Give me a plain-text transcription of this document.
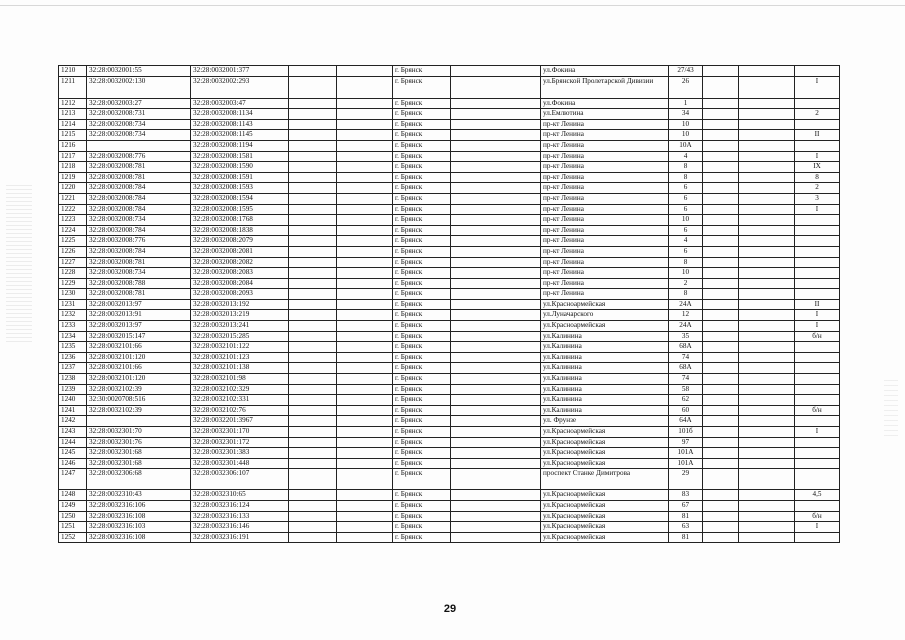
1210	32:28:0032001:55	32:28:0032001:377			г. Брянск		ул.Фокина	27/43			
1211	32:28:0032002:130	32:28:0032002:293			г. Брянск		ул.Брянской Пролетарской Дивизии	26			I
1212	32:28:0032003:27	32:28:0032003:47			г. Брянск		ул.Фокина	1			
1213	32:28:0032008:731	32:28:0032008:1134			г. Брянск		ул.Емлютина	34			2
1214	32:28:0032008:734	32:28:0032008:1143			г. Брянск		пр-кт Ленина	10			
1215	32:28:0032008:734	32:28:0032008:1145			г. Брянск		пр-кт Ленина	10			II
1216		32:28:0032008:1194			г. Брянск		пр-кт Ленина	10А			
1217	32:28:0032008:776	32:28:0032008:1581			г. Брянск		пр-кт Ленина	4			I
1218	32:28:0032008:781	32:28:0032008:1590			г. Брянск		пр-кт Ленина	8			IX
1219	32:28:0032008:781	32:28:0032008:1591			г. Брянск		пр-кт Ленина	8			8
1220	32:28:0032008:784	32:28:0032008:1593			г. Брянск		пр-кт Ленина	6			2
1221	32:28:0032008:784	32:28:0032008:1594			г. Брянск		пр-кт Ленина	6			3
1222	32:28:0032008:784	32:28:0032008:1595			г. Брянск		пр-кт Ленина	6			I
1223	32:28:0032008:734	32:28:0032008:1768			г. Брянск		пр-кт Ленина	10			
1224	32:28:0032008:784	32:28:0032008:1838			г. Брянск		пр-кт Ленина	6			
1225	32:28:0032008:776	32:28:0032008:2079			г. Брянск		пр-кт Ленина	4			
1226	32:28:0032008:784	32:28:0032008:2081			г. Брянск		пр-кт Ленина	6			
1227	32:28:0032008:781	32:28:0032008:2082			г. Брянск		пр-кт Ленина	8			
1228	32:28:0032008:734	32:28:0032008:2083			г. Брянск		пр-кт Ленина	10			
1229	32:28:0032008:788	32:28:0032008:2084			г. Брянск		пр-кт Ленина	2			
1230	32:28:0032008:781	32:28:0032008:2093			г. Брянск		пр-кт Ленина	8			
1231	32:28:0032013:97	32:28:0032013:192			г. Брянск		ул.Красноармейская	24А			II
1232	32:28:0032013:91	32:28:0032013:219			г. Брянск		ул.Луначарского	12			I
1233	32:28:0032013:97	32:28:0032013:241			г. Брянск		ул.Красноармейская	24А			I
1234	32:28:0032015:147	32:28:0032015:285			г. Брянск		ул.Калинина	35			б/н
1235	32:28:0032101:66	32:28:0032101:122			г. Брянск		ул.Калинина	68А			
1236	32:28:0032101:120	32:28:0032101:123			г. Брянск		ул.Калинина	74			
1237	32:28:0032101:66	32:28:0032101:138			г. Брянск		ул.Калинина	68А			
1238	32:28:0032101:120	32:28:0032101:98			г. Брянск		ул.Калинина	74			
1239	32:28:0032102:39	32:28:0032102:329			г. Брянск		ул.Калинина	58			
1240	32:30:0020708:516	32:28:0032102:331			г. Брянск		ул.Калинина	62			
1241	32:28:0032102:39	32:28:0032102:76			г. Брянск		ул.Калинина	60			б/н
1242		32:28:0032201:3967			г. Брянск		ул. Фрунзе	64А			
1243	32:28:0032301:70	32:28:0032301:170			г. Брянск		ул.Красноармейская	101б			I
1244	32:28:0032301:76	32:28:0032301:172			г. Брянск		ул.Красноармейская	97			
1245	32:28:0032301:68	32:28:0032301:383			г. Брянск		ул.Красноармейская	101А			
1246	32:28:0032301:68	32:28:0032301:448			г. Брянск		ул.Красноармейская	101А			
1247	32:28:0032306:68	32:28:0032306:107			г. Брянск		проспект Станке Димитрова	29			
1248	32:28:0032310:43	32:28:0032310:65			г. Брянск		ул.Красноармейская	83			4,5
1249	32:28:0032316:106	32:28:0032316:124			г. Брянск		ул.Красноармейская	67			
1250	32:28:0032316:108	32:28:0032316:133			г. Брянск		ул.Красноармейская	81			б/н
1251	32:28:0032316:103	32:28:0032316:146			г. Брянск		ул.Красноармейская	63			I
1252	32:28:0032316:108	32:28:0032316:191			г. Брянск		ул.Красноармейская	81			
29
